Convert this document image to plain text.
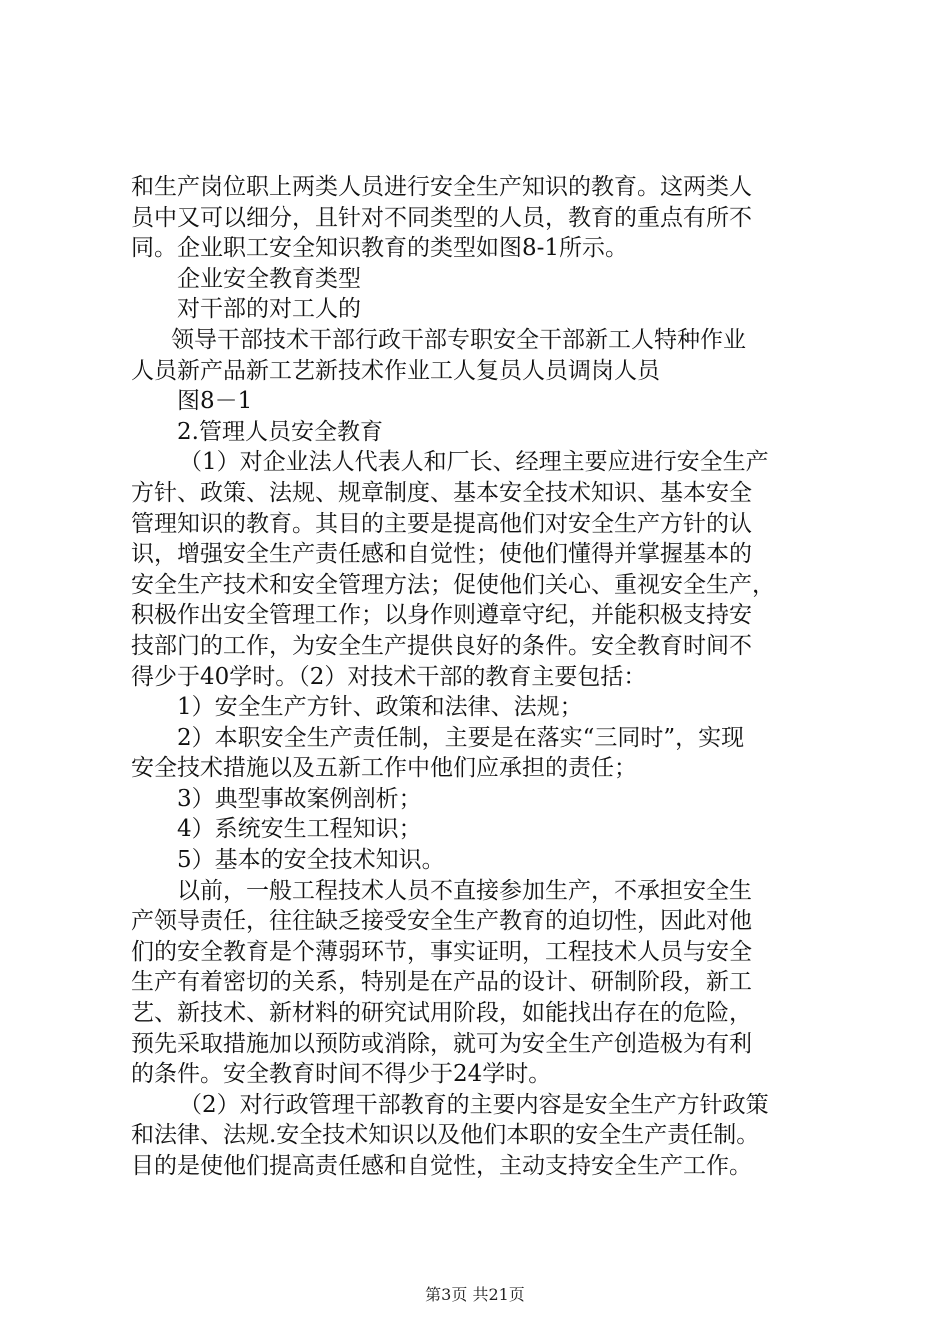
和生产岗位职上两类人员进行安全生产知识的教育。这两类人
员中又可以细分，且针对不同类型的人员，教育的重点有所不
同。企业职工安全知识教育的类型如图8-1所示。
企业安全教育类型
对干部的对工人的
领导干部技术干部行政干部专职安全干部新工人特种作业
人员新产品新工艺新技术作业工人复员人员调岗人员
图8－1
2.管理人员安全教育
（1）对企业法人代表人和厂长、经理主要应进行安全生产
方针、政策、法规、规章制度、基本安全技术知识、基本安全
管理知识的教育。其目的主要是提高他们对安全生产方针的认
识，增强安全生产责任感和自觉性；使他们懂得并掌握基本的
安全生产技术和安全管理方法；促使他们关心、重视安全生产，
积极作出安全管理工作；以身作则遵章守纪，并能积极支持安
技部门的工作，为安全生产提供良好的条件。安全教育时间不
得少于40学时。（2）对技术干部的教育主要包括：
1）安全生产方针、政策和法律、法规；
2）本职安全生产责任制，主要是在落实“三同时”，实现
安全技术措施以及五新工作中他们应承担的责任；
3）典型事故案例剖析；
4）系统安生工程知识；
5）基本的安全技术知识。
以前，一般工程技术人员不直接参加生产，不承担安全生
产领导责任，往往缺乏接受安全生产教育的迫切性，因此对他
们的安全教育是个薄弱环节，事实证明，工程技术人员与安全
生产有着密切的关系，特别是在产品的设计、研制阶段，新工
艺、新技术、新材料的研究试用阶段，如能找出存在的危险，
预先采取措施加以预防或消除，就可为安全生产创造极为有利
的条件。安全教育时间不得少于24学时。
（2）对行政管理干部教育的主要内容是安全生产方针政策
和法律、法规.安全技术知识以及他们本职的安全生产责任制。
目的是使他们提高责任感和自觉性，主动支持安全生产工作。
第3页 共21页
